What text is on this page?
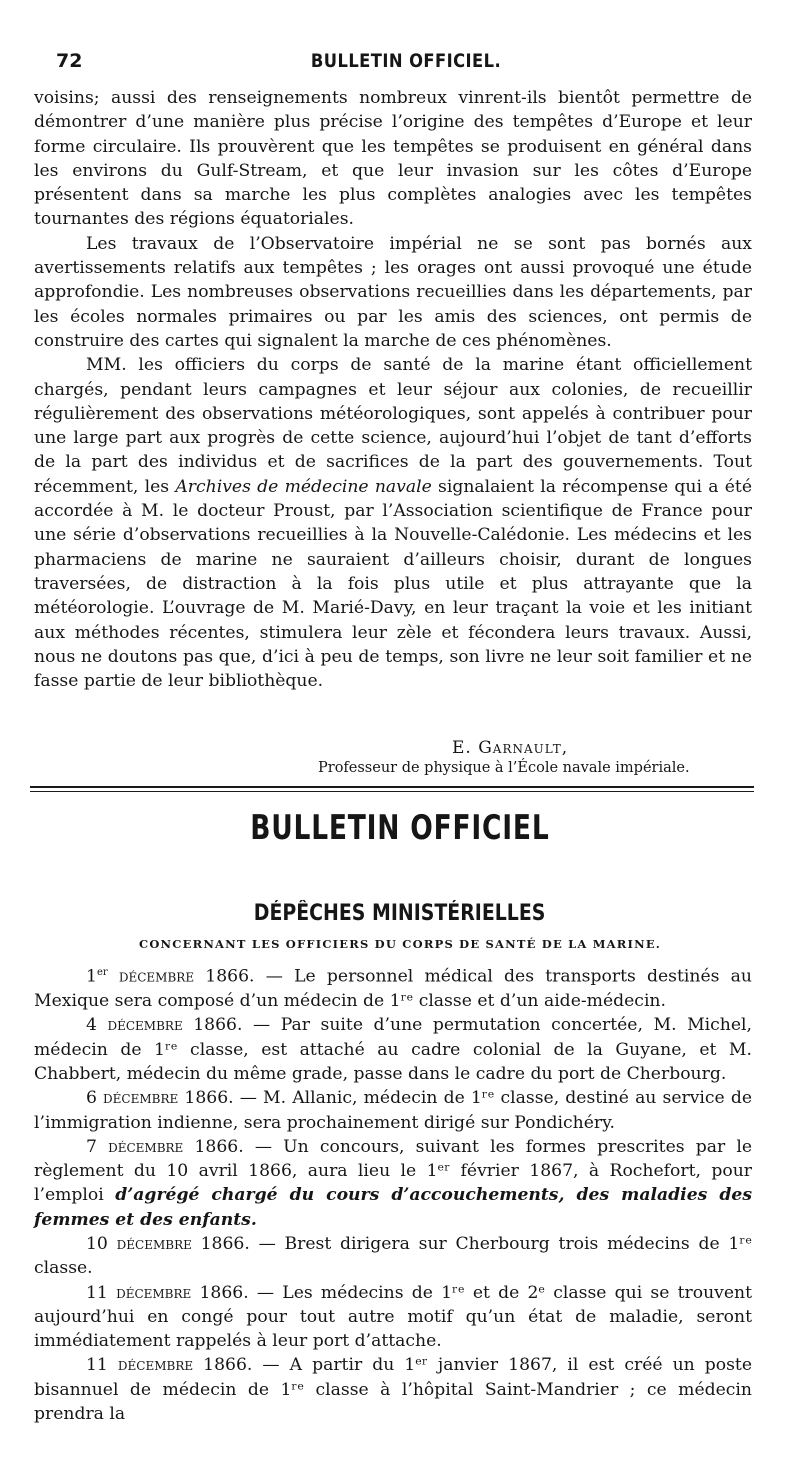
72	BULLETIN OFFICIEL.

voisins; aussi des renseignements nombreux vinrent-ils bientôt permettre de démontrer d’une manière plus précise l’origine des tempêtes d’Europe et leur forme circulaire. Ils prouvèrent que les tempêtes se produisent en général dans les environs du Gulf-Stream, et que leur invasion sur les côtes d’Europe présentent dans sa marche les plus complètes analogies avec les tempêtes tournantes des régions équatoriales.

Les travaux de l’Observatoire impérial ne se sont pas bornés aux avertissements relatifs aux tempêtes ; les orages ont aussi provoqué une étude approfondie. Les nombreuses observations recueillies dans les départements, par les écoles normales primaires ou par les amis des sciences, ont permis de construire des cartes qui signalent la marche de ces phénomènes.

MM. les officiers du corps de santé de la marine étant officiellement chargés, pendant leurs campagnes et leur séjour aux colonies, de recueillir régulièrement des observations météorologiques, sont appelés à contribuer pour une large part aux progrès de cette science, aujourd’hui l’objet de tant d’efforts de la part des individus et de sacrifices de la part des gouvernements. Tout récemment, les Archives de médecine navale signalaient la récompense qui a été accordée à M. le docteur Proust, par l’Association scientifique de France pour une série d’observations recueillies à la Nouvelle-Calédonie. Les médecins et les pharmaciens de marine ne sauraient d’ailleurs choisir, durant de longues traversées, de distraction à la fois plus utile et plus attrayante que la météorologie. L’ouvrage de M. Marié-Davy, en leur traçant la voie et les initiant aux méthodes récentes, stimulera leur zèle et fécondera leurs travaux. Aussi, nous ne doutons pas que, d’ici à peu de temps, son livre ne leur soit familier et ne fasse partie de leur bibliothèque.

E. Garnault,
Professeur de physique à l’École navale impériale.
BULLETIN OFFICIEL
DÉPÊCHES MINISTÉRIELLES
CONCERNANT LES OFFICIERS DU CORPS DE SANTÉ DE LA MARINE.

1er décembre 1866. — Le personnel médical des transports destinés au Mexique sera composé d’un médecin de 1ʳᵉ classe et d’un aide-médecin.

4 décembre 1866. — Par suite d’une permutation concertée, M. Michel, médecin de 1ʳᵉ classe, est attaché au cadre colonial de la Guyane, et M. Chabbert, médecin du même grade, passe dans le cadre du port de Cherbourg.

6 décembre 1866. — M. Allanic, médecin de 1ʳᵉ classe, destiné au service de l’immigration indienne, sera prochainement dirigé sur Pondichéry.

7 décembre 1866. — Un concours, suivant les formes prescrites par le règlement du 10 avril 1866, aura lieu le 1ᵉʳ février 1867, à Rochefort, pour l’emploi d’agrégé chargé du cours d’accouchements, des maladies des femmes et des enfants.

10 décembre 1866. — Brest dirigera sur Cherbourg trois médecins de 1ʳᵉ classe.

11 décembre 1866. — Les médecins de 1ʳᵉ et de 2ᵉ classe qui se trouvent aujourd’hui en congé pour tout autre motif qu’un état de maladie, seront immédiatement rappelés à leur port d’attache.

11 décembre 1866. — A partir du 1ᵉʳ janvier 1867, il est créé un poste bisannuel de médecin de 1ʳᵉ classe à l’hôpital Saint-Mandrier ; ce médecin prendra la
